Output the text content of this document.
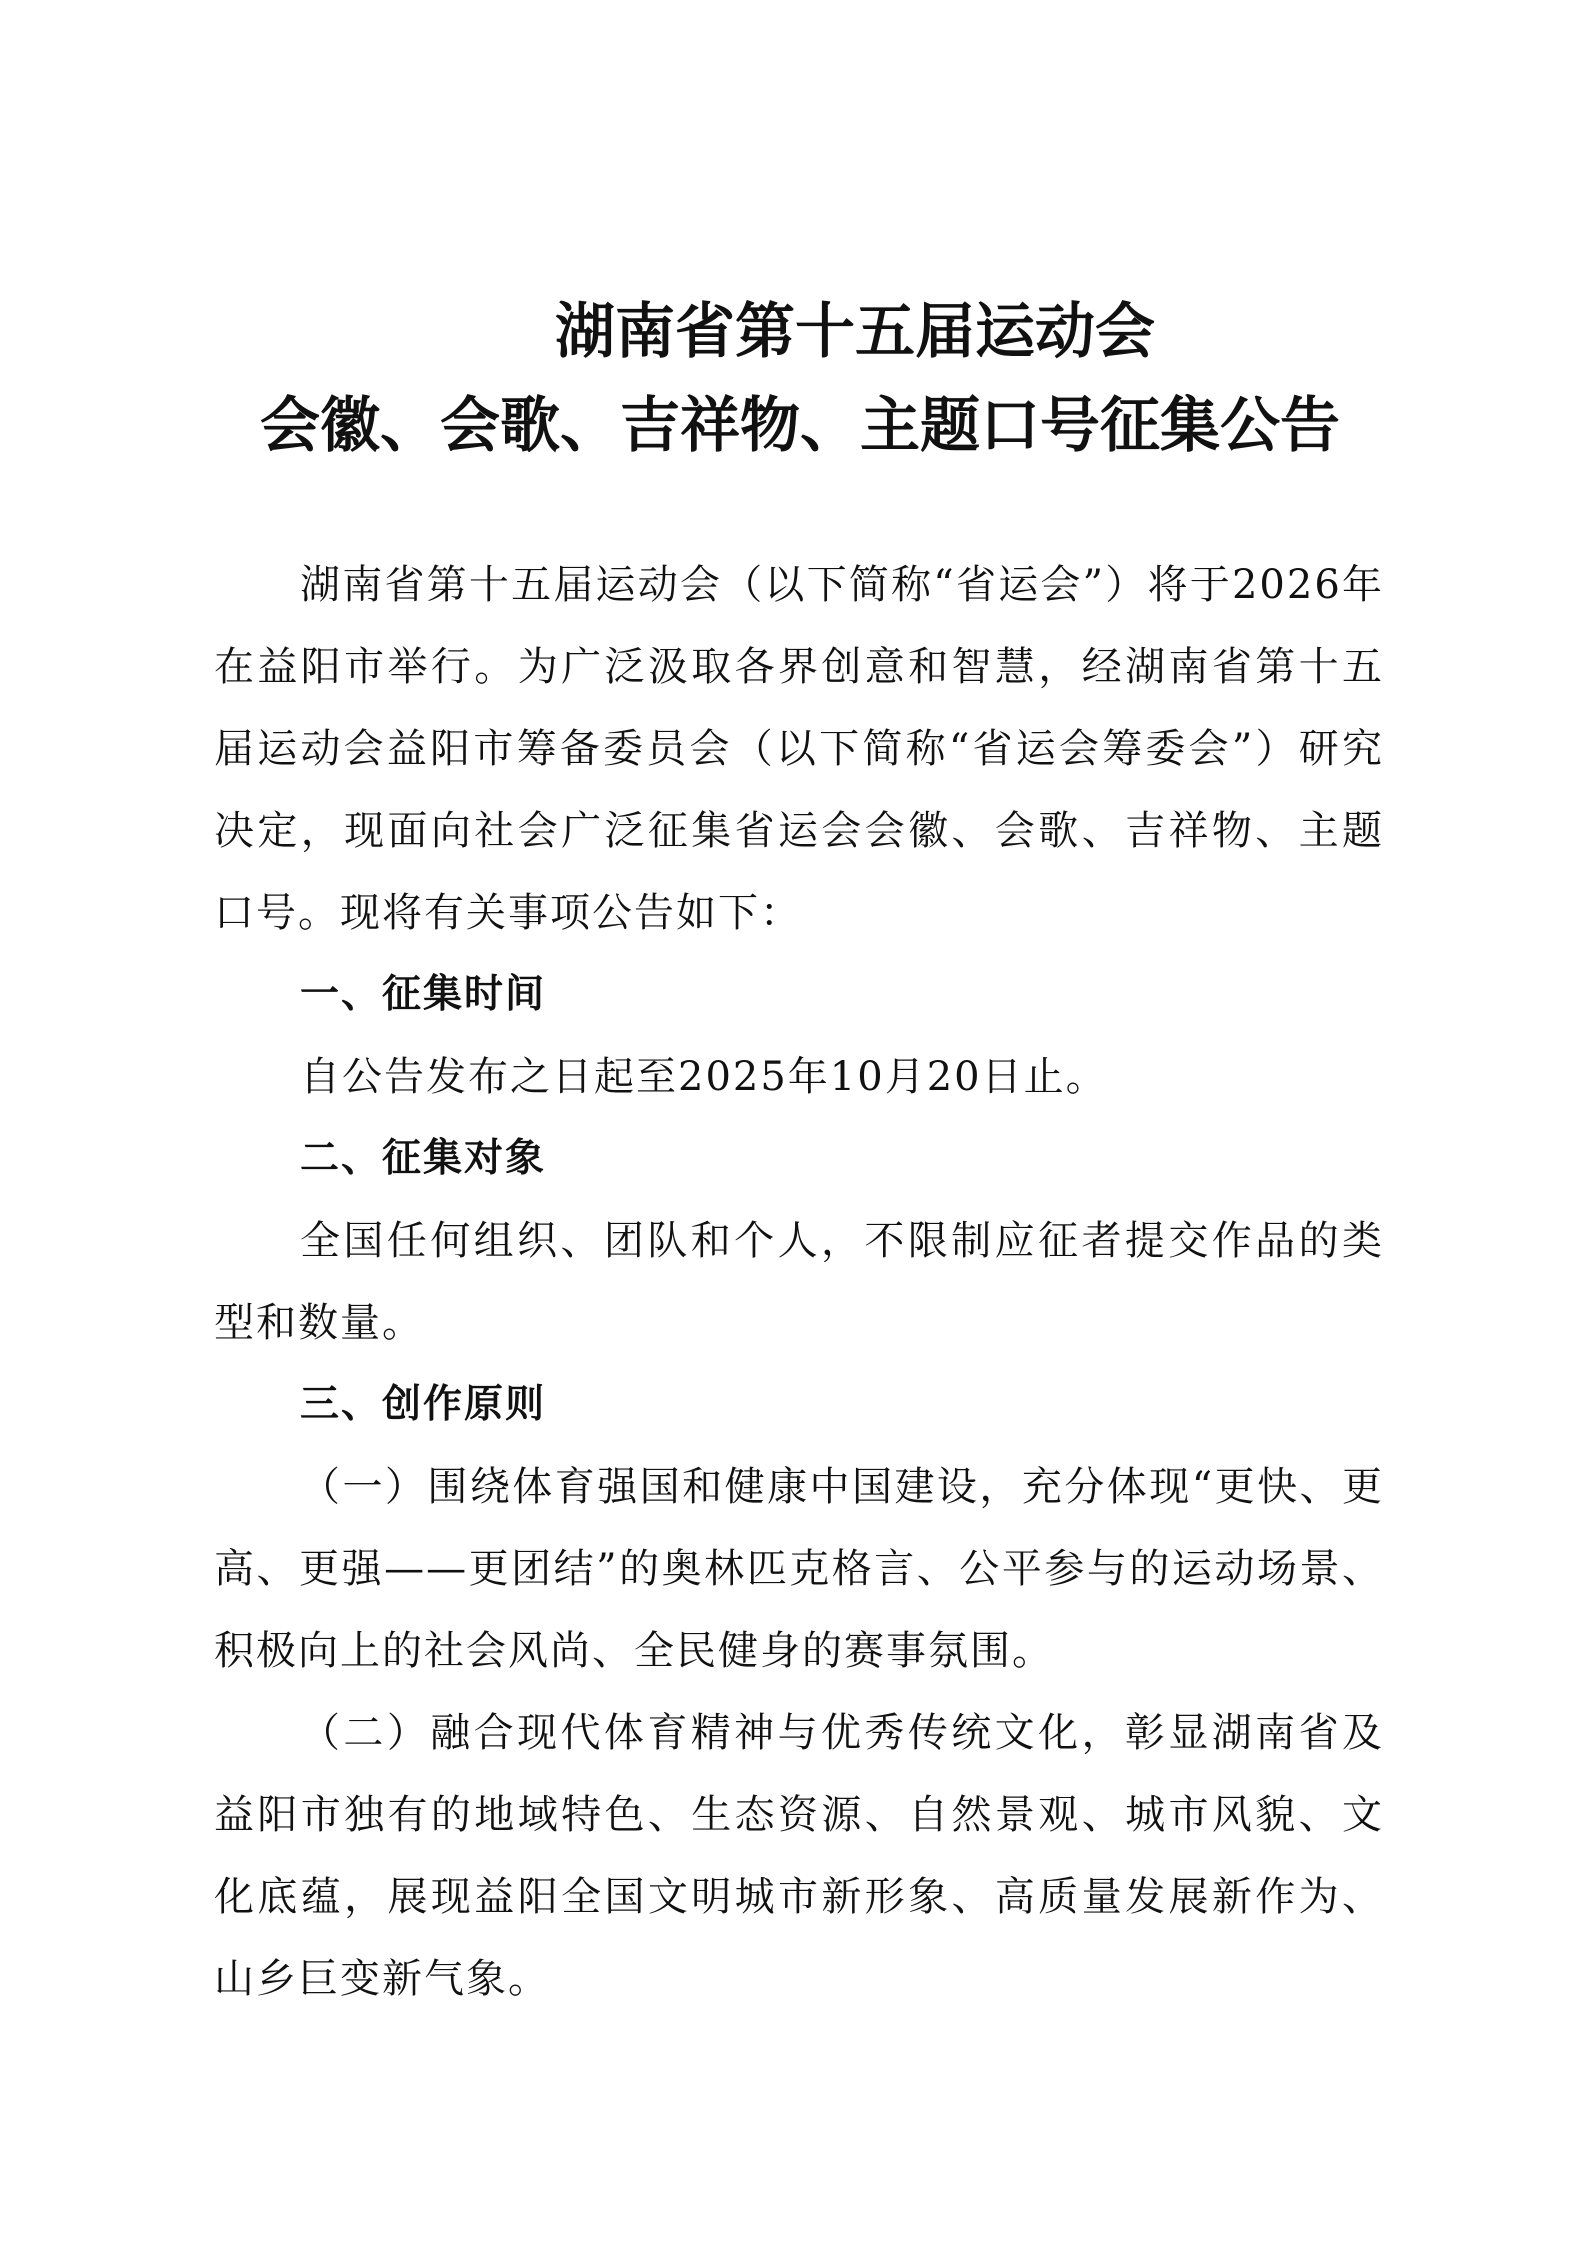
湖南省第十五届运动会
会徽、会歌、吉祥物、主题口号征集公告

湖南省第十五届运动会（以下简称“省运会”）将于2026年在益阳市举行。为广泛汲取各界创意和智慧，经湖南省第十五届运动会益阳市筹备委员会（以下简称“省运会筹委会”）研究决定，现面向社会广泛征集省运会会徽、会歌、吉祥物、主题口号。现将有关事项公告如下：

一、征集时间

自公告发布之日起至2025年10月20日止。

二、征集对象

全国任何组织、团队和个人，不限制应征者提交作品的类型和数量。

三、创作原则

（一）围绕体育强国和健康中国建设，充分体现“更快、更高、更强——更团结”的奥林匹克格言、公平参与的运动场景、积极向上的社会风尚、全民健身的赛事氛围。

（二）融合现代体育精神与优秀传统文化，彰显湖南省及益阳市独有的地域特色、生态资源、自然景观、城市风貌、文化底蕴，展现益阳全国文明城市新形象、高质量发展新作为、山乡巨变新气象。
